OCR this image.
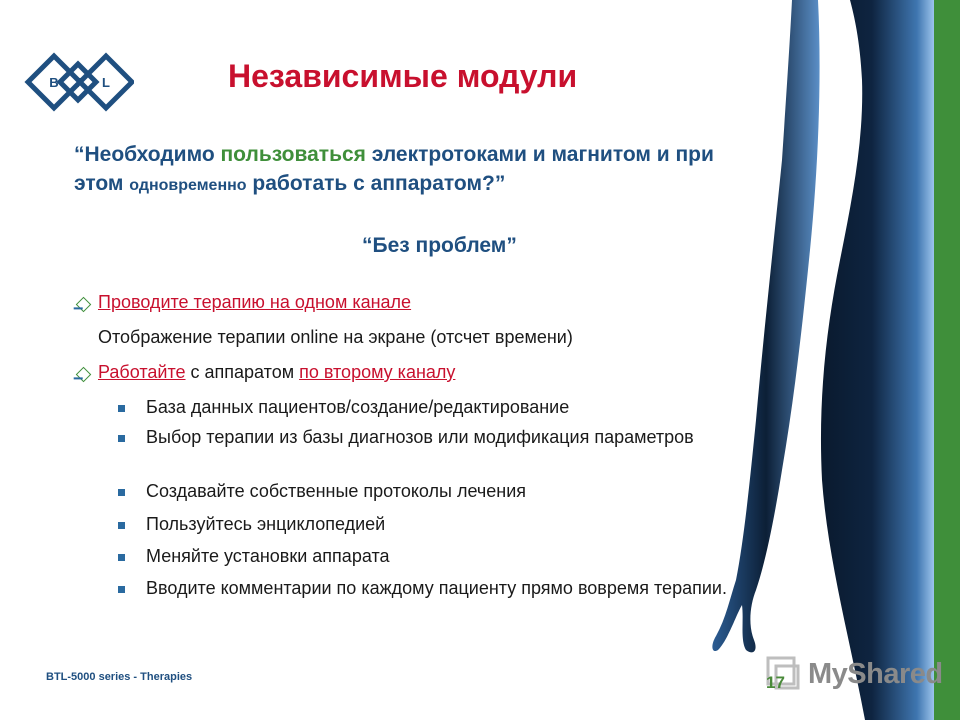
B T L	Независимые модули
“Необходимо пользоваться электротоками и магнитом и при этом одновременно работать с аппаратом?”
“Без проблем”
Проводите терапию на одном канале
Отображение терапии online на экране (отсчет времени)
Работайте с аппаратом по второму каналу
База данных пациентов/создание/редактирование
Выбор терапии из базы диагнозов или модификация параметров
Создавайте собственные протоколы лечения
Пользуйтесь энциклопедией
Меняйте установки аппарата
Вводите комментарии по каждому пациенту прямо вовремя терапии.
BTL-5000 series - Therapies	MyShared
17
